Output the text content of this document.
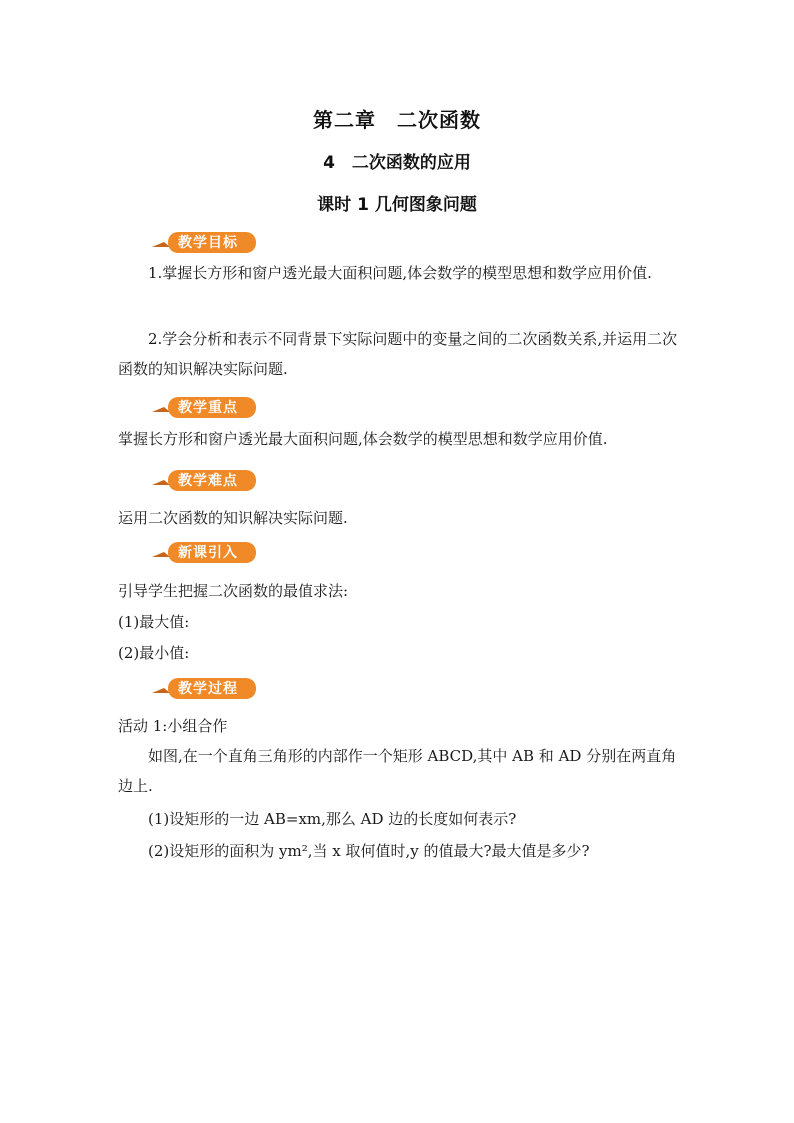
第二章　二次函数
4　二次函数的应用
课时 1 几何图象问题
教学目标
1.掌握长方形和窗户透光最大面积问题,体会数学的模型思想和数学应用价值.
2.学会分析和表示不同背景下实际问题中的变量之间的二次函数关系,并运用二次函数的知识解决实际问题.
教学重点
掌握长方形和窗户透光最大面积问题,体会数学的模型思想和数学应用价值.
教学难点
运用二次函数的知识解决实际问题.
新课引入
引导学生把握二次函数的最值求法:
(1)最大值:
(2)最小值:
教学过程
活动 1:小组合作
如图,在一个直角三角形的内部作一个矩形 ABCD,其中 AB 和 AD 分别在两直角边上.
(1)设矩形的一边 AB=xm,那么 AD 边的长度如何表示?
(2)设矩形的面积为 ym²,当 x 取何值时,y 的值最大?最大值是多少?
